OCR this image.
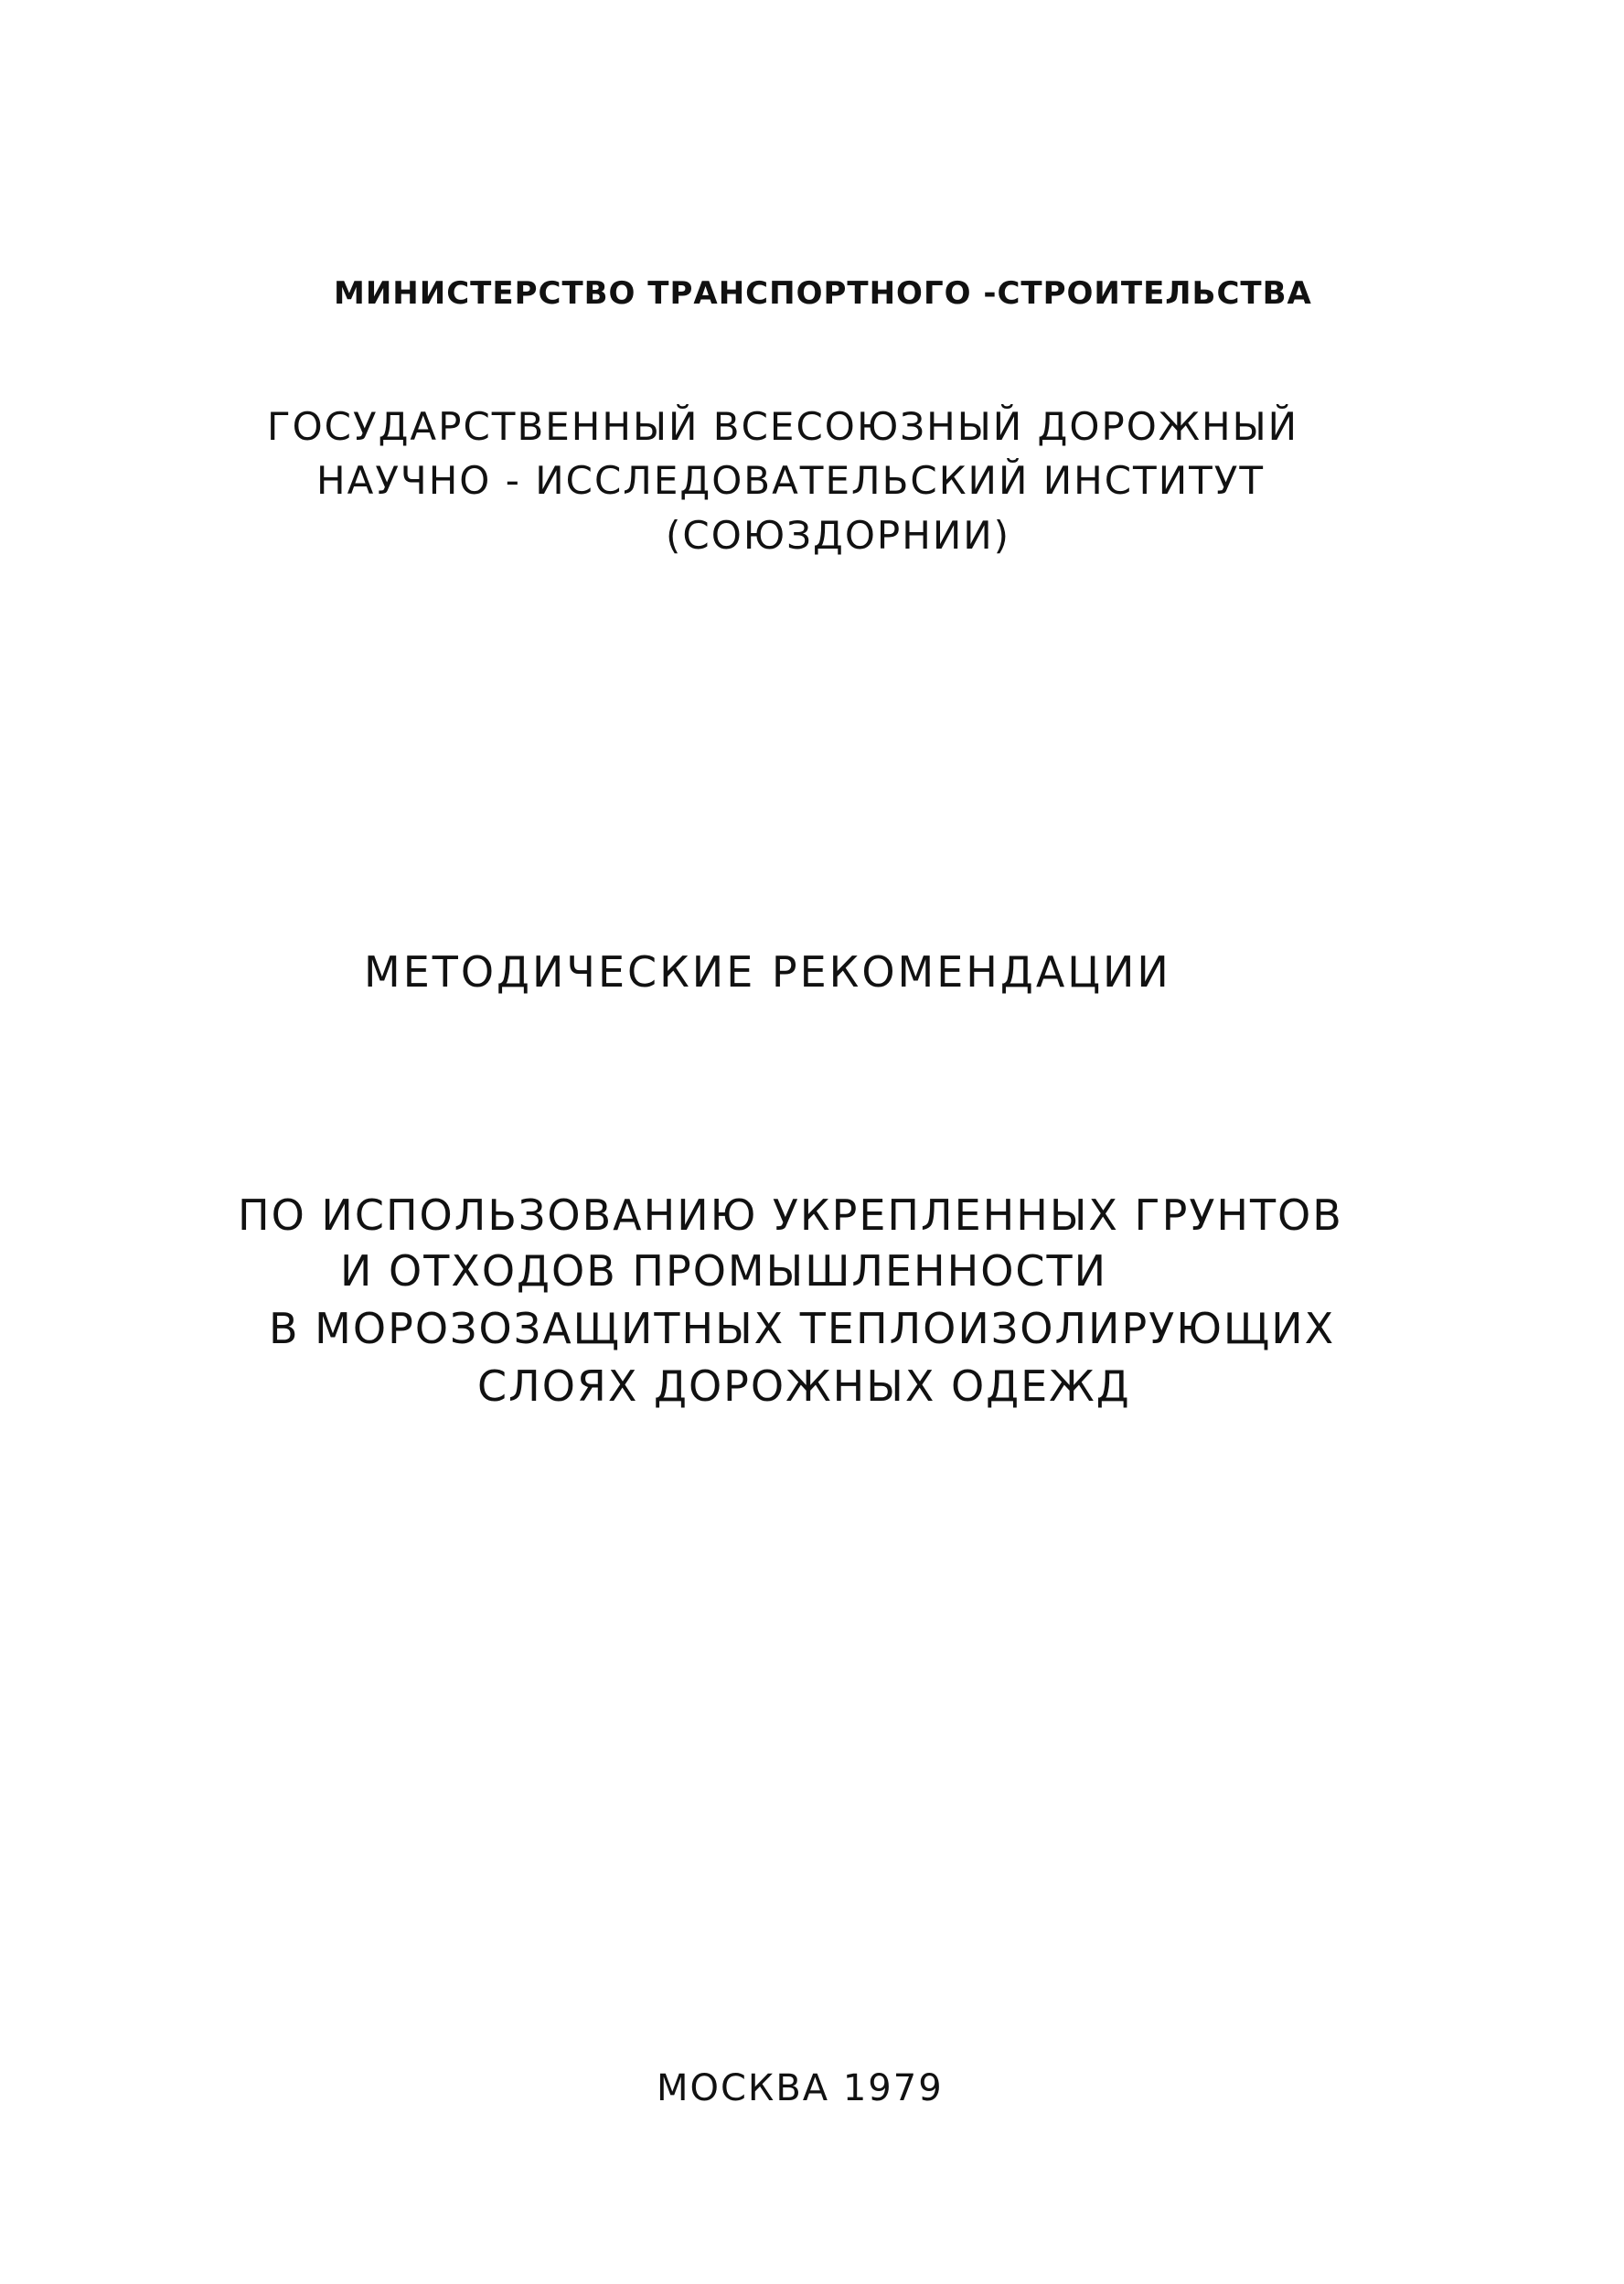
МИНИСТЕРСТВО ТРАНСПОРТНОГО -СТРОИТЕЛЬСТВА
ГОСУДАРСТВЕННЫЙ ВСЕСОЮЗНЫЙ ДОРОЖНЫЙ
НАУЧНО - ИССЛЕДОВАТЕЛЬСКИЙ ИНСТИТУТ
(СОЮЗДОРНИИ)
МЕТОДИЧЕСКИЕ РЕКОМЕНДАЦИИ
ПО ИСПОЛЬЗОВАНИЮ УКРЕПЛЕННЫХ ГРУНТОВ
И ОТХОДОВ ПРОМЫШЛЕННОСТИ
В МОРОЗОЗАЩИТНЫХ ТЕПЛОИЗОЛИРУЮЩИХ
СЛОЯХ ДОРОЖНЫХ ОДЕЖД
МОСКВА 1979
